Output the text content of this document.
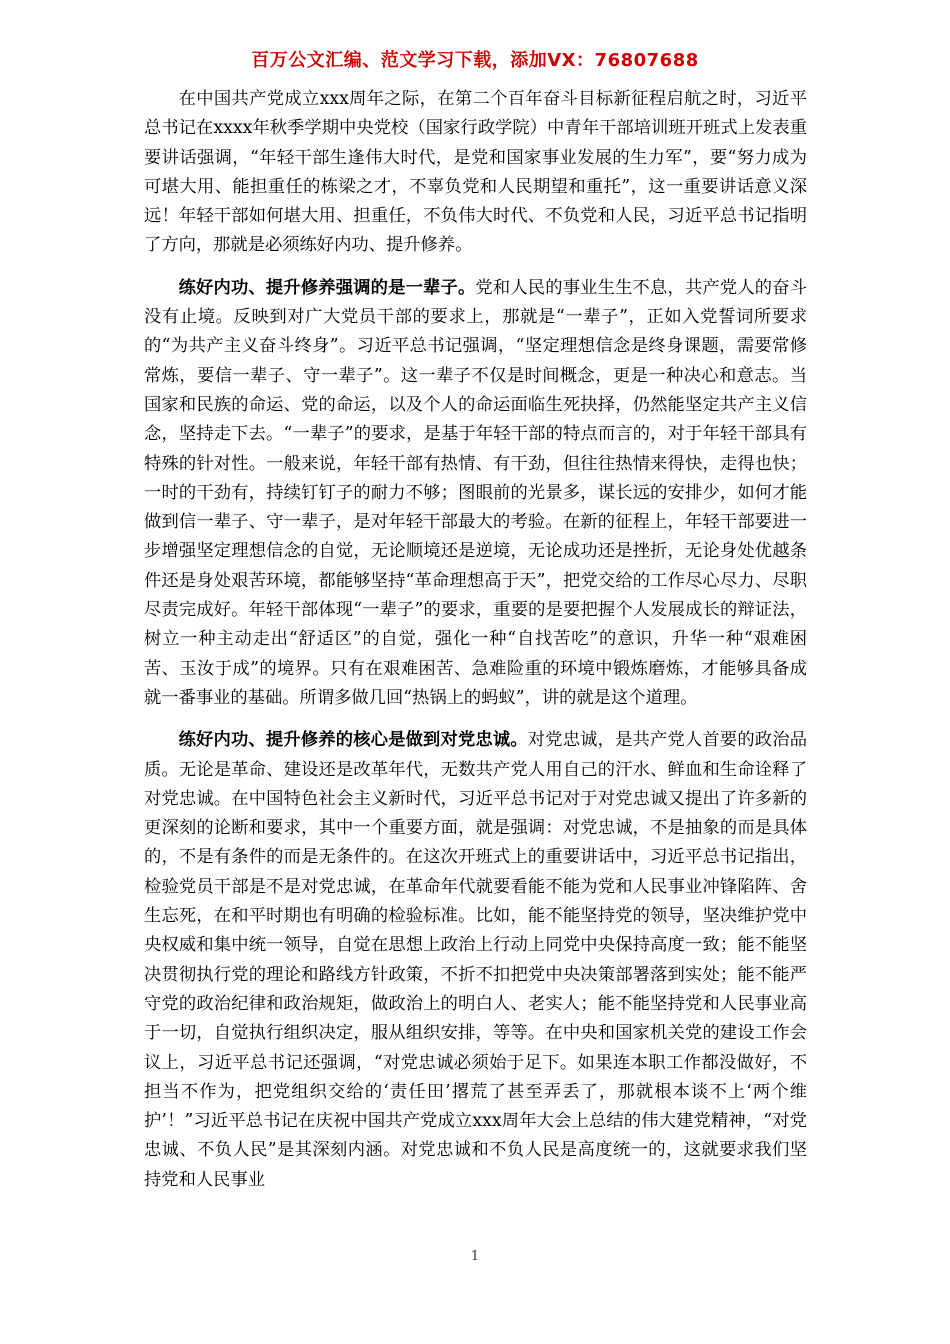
百万公文汇编、范文学习下载，添加VX：76807688

在中国共产党成立xxx周年之际，在第二个百年奋斗目标新征程启航之时，习近平总书记在xxxx年秋季学期中央党校（国家行政学院）中青年干部培训班开班式上发表重要讲话强调，“年轻干部生逢伟大时代，是党和国家事业发展的生力军”，要“努力成为可堪大用、能担重任的栋梁之才，不辜负党和人民期望和重托”，这一重要讲话意义深远！年轻干部如何堪大用、担重任，不负伟大时代、不负党和人民，习近平总书记指明了方向，那就是必须练好内功、提升修养。

练好内功、提升修养强调的是一辈子。党和人民的事业生生不息，共产党人的奋斗没有止境。反映到对广大党员干部的要求上，那就是“一辈子”，正如入党誓词所要求的“为共产主义奋斗终身”。习近平总书记强调，“坚定理想信念是终身课题，需要常修常炼，要信一辈子、守一辈子”。这一辈子不仅是时间概念，更是一种决心和意志。当国家和民族的命运、党的命运，以及个人的命运面临生死抉择，仍然能坚定共产主义信念，坚持走下去。“一辈子”的要求，是基于年轻干部的特点而言的，对于年轻干部具有特殊的针对性。一般来说，年轻干部有热情、有干劲，但往往热情来得快，走得也快；一时的干劲有，持续钉钉子的耐力不够；图眼前的光景多，谋长远的安排少，如何才能做到信一辈子、守一辈子，是对年轻干部最大的考验。在新的征程上，年轻干部要进一步增强坚定理想信念的自觉，无论顺境还是逆境，无论成功还是挫折，无论身处优越条件还是身处艰苦环境，都能够坚持“革命理想高于天”，把党交给的工作尽心尽力、尽职尽责完成好。年轻干部体现“一辈子”的要求，重要的是要把握个人发展成长的辩证法，树立一种主动走出“舒适区”的自觉，强化一种“自找苦吃”的意识，升华一种“艰难困苦、玉汝于成”的境界。只有在艰难困苦、急难险重的环境中锻炼磨炼，才能够具备成就一番事业的基础。所谓多做几回“热锅上的蚂蚁”，讲的就是这个道理。

练好内功、提升修养的核心是做到对党忠诚。对党忠诚，是共产党人首要的政治品质。无论是革命、建设还是改革年代，无数共产党人用自己的汗水、鲜血和生命诠释了对党忠诚。在中国特色社会主义新时代，习近平总书记对于对党忠诚又提出了许多新的更深刻的论断和要求，其中一个重要方面，就是强调：对党忠诚，不是抽象的而是具体的，不是有条件的而是无条件的。在这次开班式上的重要讲话中，习近平总书记指出，检验党员干部是不是对党忠诚，在革命年代就要看能不能为党和人民事业冲锋陷阵、舍生忘死，在和平时期也有明确的检验标准。比如，能不能坚持党的领导，坚决维护党中央权威和集中统一领导，自觉在思想上政治上行动上同党中央保持高度一致；能不能坚决贯彻执行党的理论和路线方针政策，不折不扣把党中央决策部署落到实处；能不能严守党的政治纪律和政治规矩，做政治上的明白人、老实人；能不能坚持党和人民事业高于一切，自觉执行组织决定，服从组织安排，等等。在中央和国家机关党的建设工作会议上，习近平总书记还强调，“对党忠诚必须始于足下。如果连本职工作都没做好，不担当不作为，把党组织交给的‘责任田’撂荒了甚至弄丢了，那就根本谈不上‘两个维护’！”习近平总书记在庆祝中国共产党成立xxx周年大会上总结的伟大建党精神，“对党忠诚、不负人民”是其深刻内涵。对党忠诚和不负人民是高度统一的，这就要求我们坚持党和人民事业

1
